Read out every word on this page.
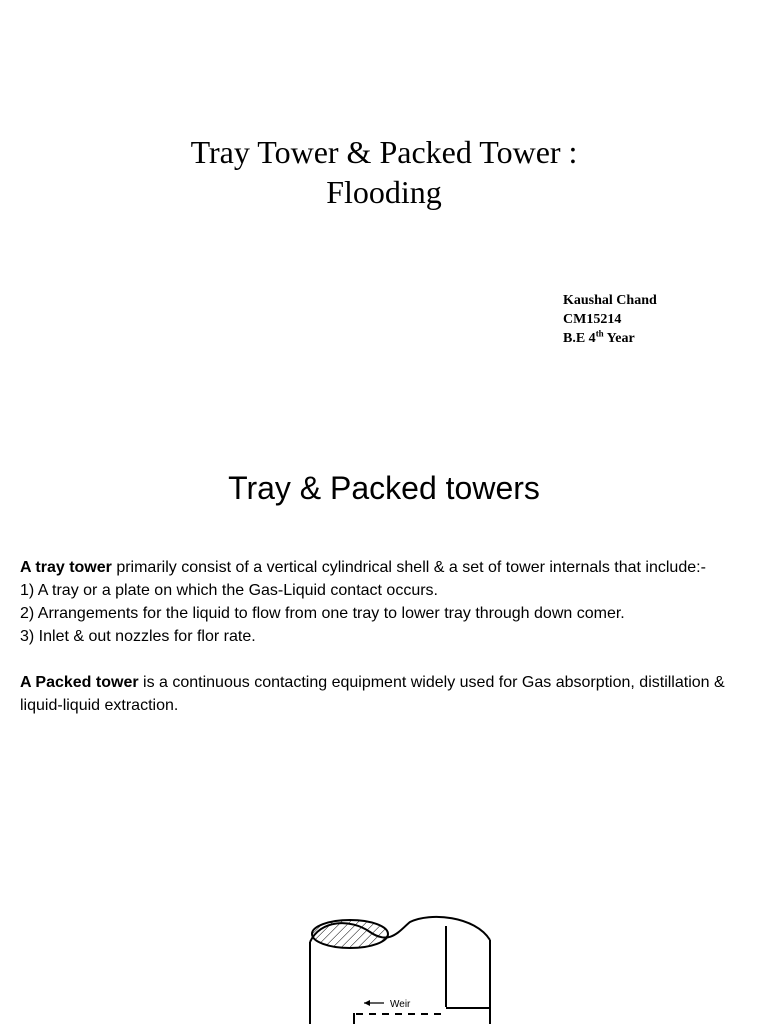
Tray Tower & Packed Tower :
Flooding
Kaushal Chand
CM15214
B.E 4th Year
Tray & Packed towers

A tray tower primarily consist of a vertical cylindrical shell & a set of tower internals that include:-

1) A tray or a plate on which the Gas-Liquid contact occurs.

2) Arrangements for the liquid to flow from one tray to lower tray through down comer.

3) Inlet & out nozzles for flor rate.

A Packed tower is a continuous contacting equipment widely used for Gas absorption, distillation & liquid-liquid extraction.

Weir
